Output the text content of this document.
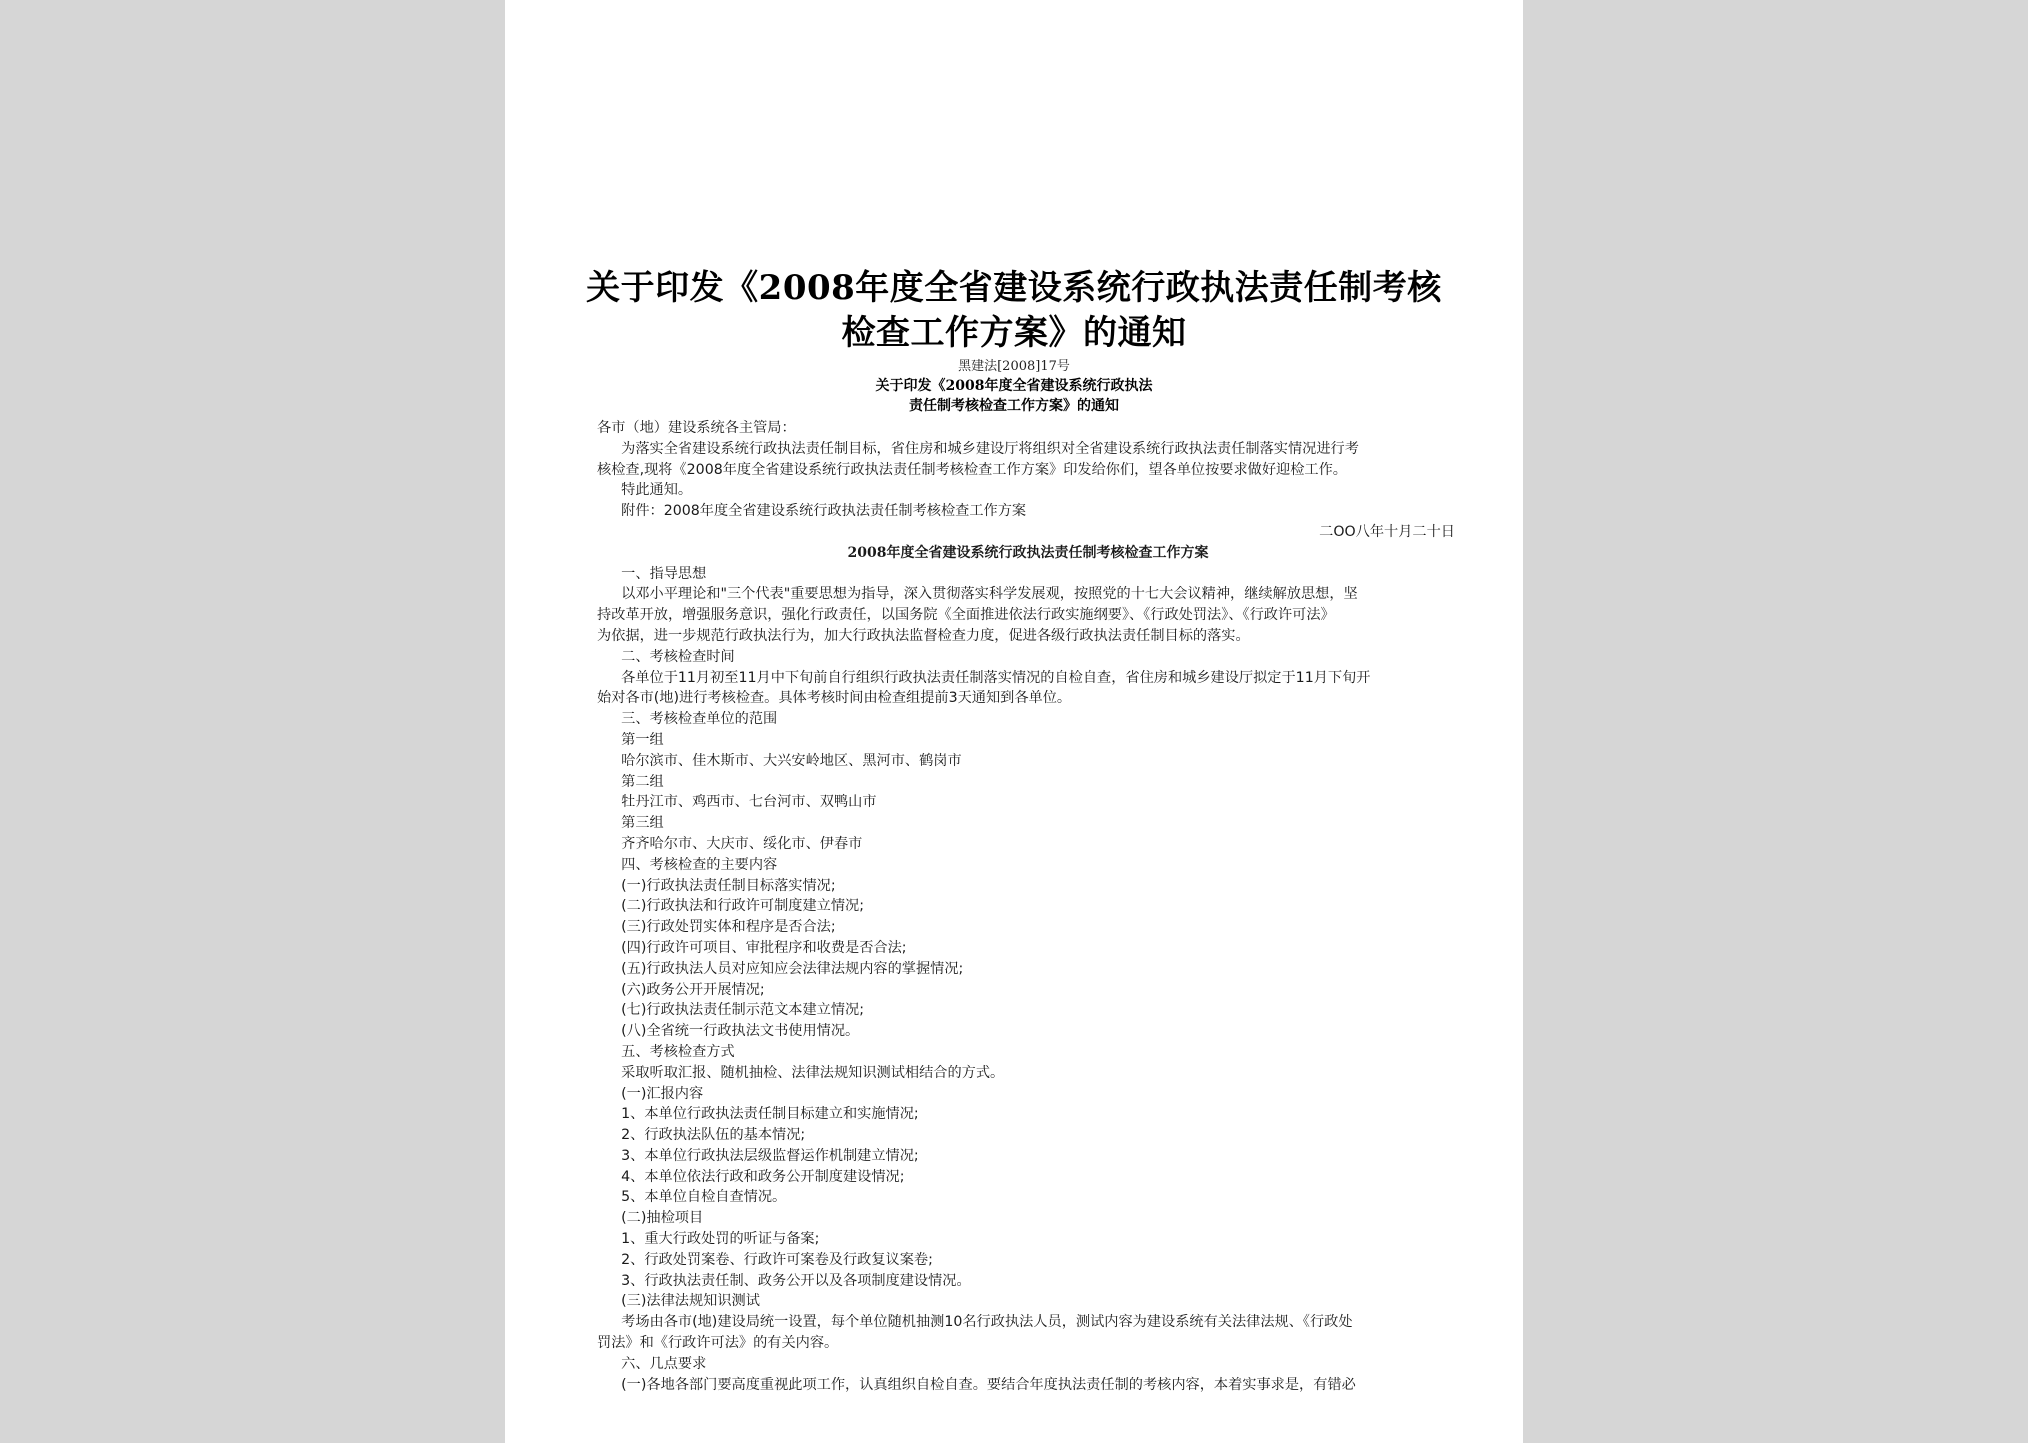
关于印发《2008年度全省建设系统行政执法责任制考核
检查工作方案》的通知
黑建法[2008]17号
关于印发《2008年度全省建设系统行政执法
责任制考核检查工作方案》的通知
各市（地）建设系统各主管局：
为落实全省建设系统行政执法责任制目标，省住房和城乡建设厅将组织对全省建设系统行政执法责任制落实情况进行考
核检查,现将《2008年度全省建设系统行政执法责任制考核检查工作方案》印发给你们，望各单位按要求做好迎检工作。
特此通知。
附件：2008年度全省建设系统行政执法责任制考核检查工作方案
二OO八年十月二十日
2008年度全省建设系统行政执法责任制考核检查工作方案
一、指导思想
以邓小平理论和"三个代表"重要思想为指导，深入贯彻落实科学发展观，按照党的十七大会议精神，继续解放思想，坚
持改革开放，增强服务意识，强化行政责任，以国务院《全面推进依法行政实施纲要》、《行政处罚法》、《行政许可法》
为依据，进一步规范行政执法行为，加大行政执法监督检查力度，促进各级行政执法责任制目标的落实。
二、考核检查时间
各单位于11月初至11月中下旬前自行组织行政执法责任制落实情况的自检自查，省住房和城乡建设厅拟定于11月下旬开
始对各市(地)进行考核检查。具体考核时间由检查组提前3天通知到各单位。
三、考核检查单位的范围
第一组
哈尔滨市、佳木斯市、大兴安岭地区、黑河市、鹤岗市
第二组
牡丹江市、鸡西市、七台河市、双鸭山市
第三组
齐齐哈尔市、大庆市、绥化市、伊春市
四、考核检查的主要内容
(一)行政执法责任制目标落实情况;
(二)行政执法和行政许可制度建立情况;
(三)行政处罚实体和程序是否合法;
(四)行政许可项目、审批程序和收费是否合法;
(五)行政执法人员对应知应会法律法规内容的掌握情况;
(六)政务公开开展情况;
(七)行政执法责任制示范文本建立情况;
(八)全省统一行政执法文书使用情况。
五、考核检查方式
采取听取汇报、随机抽检、法律法规知识测试相结合的方式。
(一)汇报内容
1、本单位行政执法责任制目标建立和实施情况;
2、行政执法队伍的基本情况;
3、本单位行政执法层级监督运作机制建立情况;
4、本单位依法行政和政务公开制度建设情况;
5、本单位自检自查情况。
(二)抽检项目
1、重大行政处罚的听证与备案;
2、行政处罚案卷、行政许可案卷及行政复议案卷;
3、行政执法责任制、政务公开以及各项制度建设情况。
(三)法律法规知识测试
考场由各市(地)建设局统一设置，每个单位随机抽测10名行政执法人员，测试内容为建设系统有关法律法规、《行政处
罚法》和《行政许可法》的有关内容。
六、几点要求
(一)各地各部门要高度重视此项工作，认真组织自检自查。要结合年度执法责任制的考核内容，本着实事求是，有错必
